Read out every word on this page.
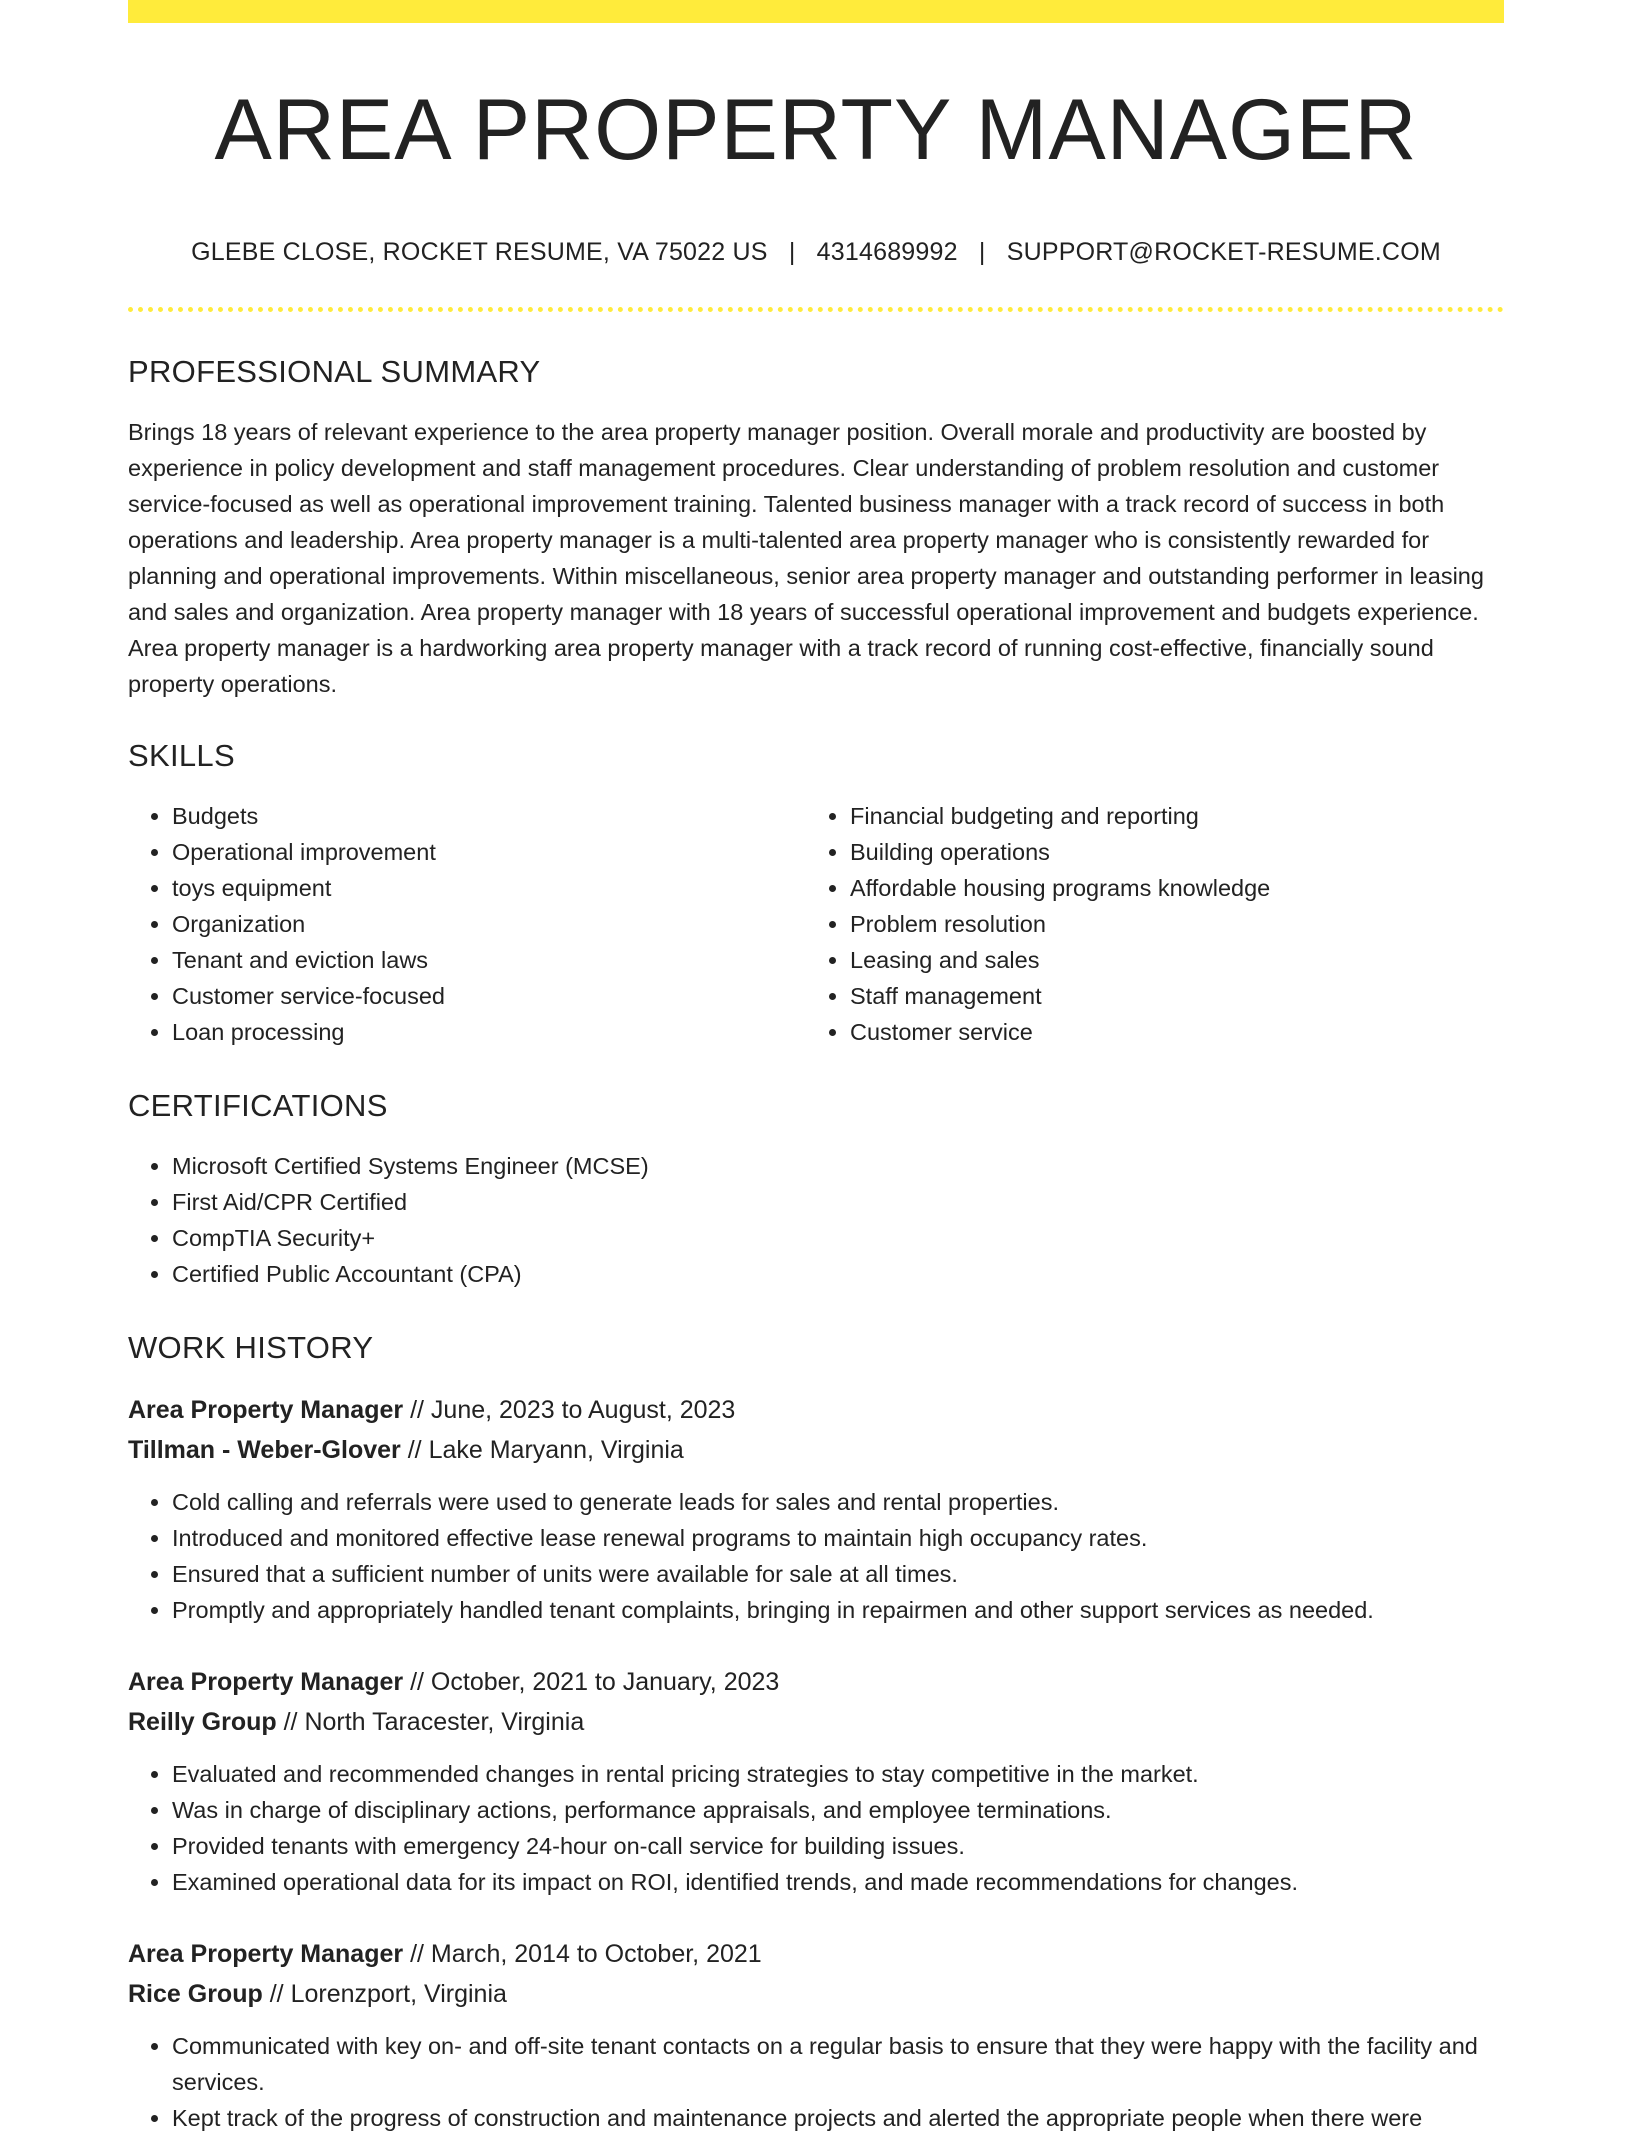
AREA PROPERTY MANAGER
GLEBE CLOSE, ROCKET RESUME, VA 75022 US | 4314689992 | SUPPORT@ROCKET-RESUME.COM
PROFESSIONAL SUMMARY

Brings 18 years of relevant experience to the area property manager position. Overall morale and productivity are boosted by experience in policy development and staff management procedures. Clear understanding of problem resolution and customer service-focused as well as operational improvement training. Talented business manager with a track record of success in both operations and leadership. Area property manager is a multi-talented area property manager who is consistently rewarded for planning and operational improvements. Within miscellaneous, senior area property manager and outstanding performer in leasing and sales and organization. Area property manager with 18 years of successful operational improvement and budgets experience. Area property manager is a hardworking area property manager with a track record of running cost-effective, financially sound property operations.

SKILLS
• Budgets
• Operational improvement
• toys equipment
• Organization
• Tenant and eviction laws
• Customer service-focused
• Loan processing
• Financial budgeting and reporting
• Building operations
• Affordable housing programs knowledge
• Problem resolution
• Leasing and sales
• Staff management
• Customer service
CERTIFICATIONS
• Microsoft Certified Systems Engineer (MCSE)
• First Aid/CPR Certified
• CompTIA Security+
• Certified Public Accountant (CPA)
WORK HISTORY
Area Property Manager // June, 2023 to August, 2023
Tillman - Weber-Glover // Lake Maryann, Virginia
• Cold calling and referrals were used to generate leads for sales and rental properties.
• Introduced and monitored effective lease renewal programs to maintain high occupancy rates.
• Ensured that a sufficient number of units were available for sale at all times.
• Promptly and appropriately handled tenant complaints, bringing in repairmen and other support services as needed.
Area Property Manager // October, 2021 to January, 2023
Reilly Group // North Taracester, Virginia
• Evaluated and recommended changes in rental pricing strategies to stay competitive in the market.
• Was in charge of disciplinary actions, performance appraisals, and employee terminations.
• Provided tenants with emergency 24-hour on-call service for building issues.
• Examined operational data for its impact on ROI, identified trends, and made recommendations for changes.
Area Property Manager // March, 2014 to October, 2021
Rice Group // Lorenzport, Virginia
• Communicated with key on- and off-site tenant contacts on a regular basis to ensure that they were happy with the facility and services.
• Kept track of the progress of construction and maintenance projects and alerted the appropriate people when there were
